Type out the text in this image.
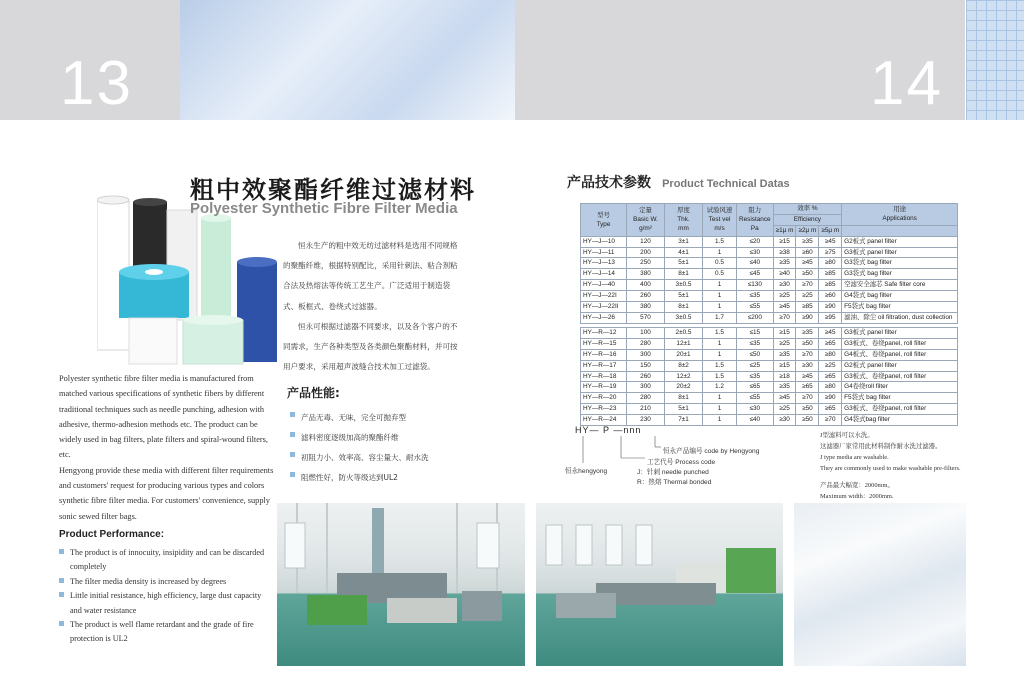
13	14
粗中效聚酯纤维过滤材料
Polyester Synthetic Fibre Filter Media
恒永生产的粗中效无纺过滤材料是选用不同规格
的聚酯纤维，根据特别配比，采用针刺法、粘合剂粘
合法及热熔法等传统工艺生产。广泛适用于制造袋
式、板框式、卷绕式过滤器。
恒永可根据过滤器不同要求，以及各个客户的不
同需求，生产各种类型及各类颜色聚酯材料，并可按
用户要求，采用超声波缝合技术加工过滤袋。
Polyester synthetic fibre filter media is manufactured from
matched various specifications of synthetic fibers by different
traditional techniques such as needle punching, adhesion with
adhesive, thermo-adhesion methods etc. The product can be
widely used in bag filters, plate filters and spiral-wound filters,
etc.
Hengyong provide these media with different filter requirements
and customers' request for producing various types and colors
synthetic fibre filter media. For customers' convenience, supply
sonic sewed filter bags.
产品性能:
产品无毒、无味，完全可抛弃型
滤料密度逐级加高的聚酯纤维
初阻力小、效率高、容尘量大、耐水洗
阻燃性好，防火等级达到UL2
Product Performance:
The product is of innocuity, insipidity and can be discarded
completely
The filter media density is increased by degrees
Little initial resistance, high efficiency, large dust capacity
and water resistance
The product is well flame retardant and the grade of fire
protection is UL2
产品技术参数 Product Technical Datas
型号
Type	定量
Basic W.
g/m²	厚度
Thk.
mm	试验风速
Test vel
m/s	阻力
Resistance
Pa	效率 %			用途
Applications
					Efficiency			
					≥1μ m	≥2μ m	≥5μ m	
HY—J—10	120	3±1	1.5	≤20	≥15	≥35	≥45	G2板式 panel filter
HY—J—11	200	4±1	1	≤30	≥38	≥60	≥75	G3板式 panel filter
HY—J—13	250	5±1	0.5	≤40	≥35	≥45	≥80	G3袋式 bag filter
HY—J—14	380	8±1	0.5	≤45	≥40	≥50	≥85	G3袋式 bag filter
HY—J—40	400	3±0.5	1	≤130	≥30	≥70	≥85	空滤安全滤芯 Safe filter core
HY—J—22I	260	5±1	1	≤35	≥25	≥25	≥60	G4袋式 bag filter
HY—J—22II	380	8±1	1	≤55	≥45	≥85	≥90	F5袋式 bag filter
HY—J—26	570	3±0.5	1.7	≤200	≥70	≥90	≥95	滤油、除尘 oil filtration, dust collection

HY—R—12	100	2±0.5	1.5	≤15	≥15	≥35	≥45	G3板式 panel filter
HY—R—15	280	12±1	1	≤35	≥25	≥50	≥65	G3板式、卷绕panel, roll filter
HY—R—16	300	20±1	1	≤50	≥35	≥70	≥80	G4板式、卷绕panel, roll filter
HY—R—17	150	8±2	1.5	≤25	≥15	≥30	≥25	G2板式 panel filter
HY—R—18	260	12±2	1.5	≤35	≥18	≥45	≥65	G3板式、卷绕panel, roll filter
HY—R—19	300	20±2	1.2	≤65	≥35	≥65	≥80	G4卷绕roll filter
HY—R—20	280	8±1	1	≤55	≥45	≥70	≥90	F5袋式 bag filter
HY—R—23	210	5±1	1	≤30	≥25	≥50	≥65	G3板式、卷绕panel, roll filter
HY—R—24	230	7±1	1	≤40	≥30	≥50	≥70	G4袋式bag filter
HY— P —nnn
恒永产品编号 code by Hengyong
工艺代号 Process code
J：针刺 needle punched
R：热熔 Thermal bonded
恒永hengyong
J型滤料可以水洗。
这滤器厂家常用此材料制作耐水洗过滤器。
J type media are washable.
They are commonly used to make washable pre-filters.
产品最大幅宽：2000mm。
Maximum width：2000mm.
